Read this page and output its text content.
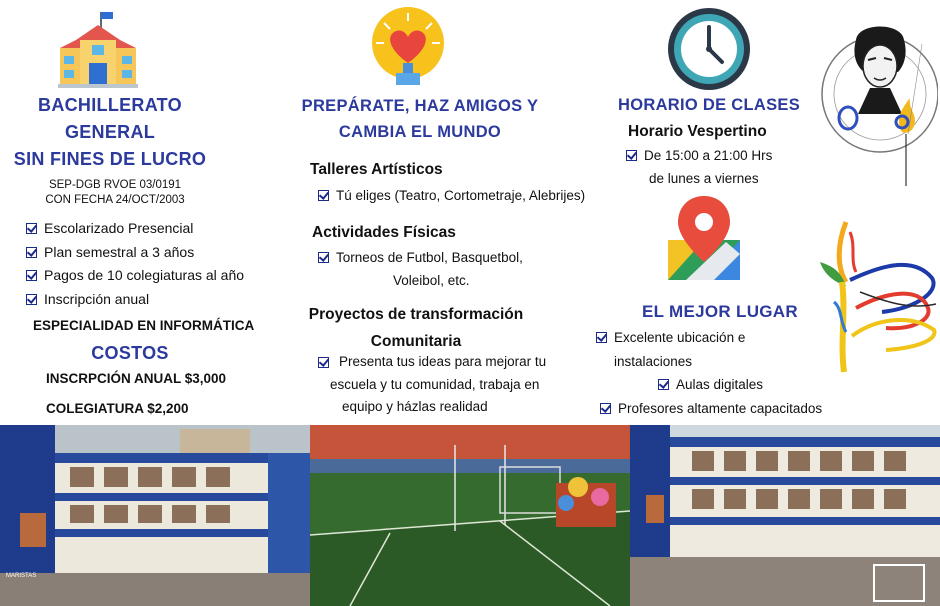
BACHILLERATO
GENERAL
SIN FINES DE LUCRO
SEP-DGB RVOE 03/0191
CON FECHA 24/OCT/2003
Escolarizado Presencial
Plan semestral a 3 años
Pagos de 10 colegiaturas al año
Inscripción anual
ESPECIALIDAD EN INFORMÁTICA
COSTOS
INSCRPCIÓN ANUAL $3,000
COLEGIATURA $2,200
PREPÁRATE, HAZ AMIGOS Y
CAMBIA EL MUNDO
Talleres Artísticos
Tú eliges (Teatro, Cortometraje, Alebrijes)
Actividades Físicas
Torneos de Futbol, Basquetbol,
Voleibol, etc.
Proyectos de transformación
Comunitaria
Presenta tus ideas para mejorar tu
escuela y tu comunidad, trabaja en
equipo y házlas realidad
HORARIO DE CLASES
Horario Vespertino
De 15:00 a 21:00 Hrs
de lunes a viernes
EL MEJOR LUGAR
Excelente ubicación e instalaciones
Aulas digitales
Profesores altamente capacitados
MARISTAS
